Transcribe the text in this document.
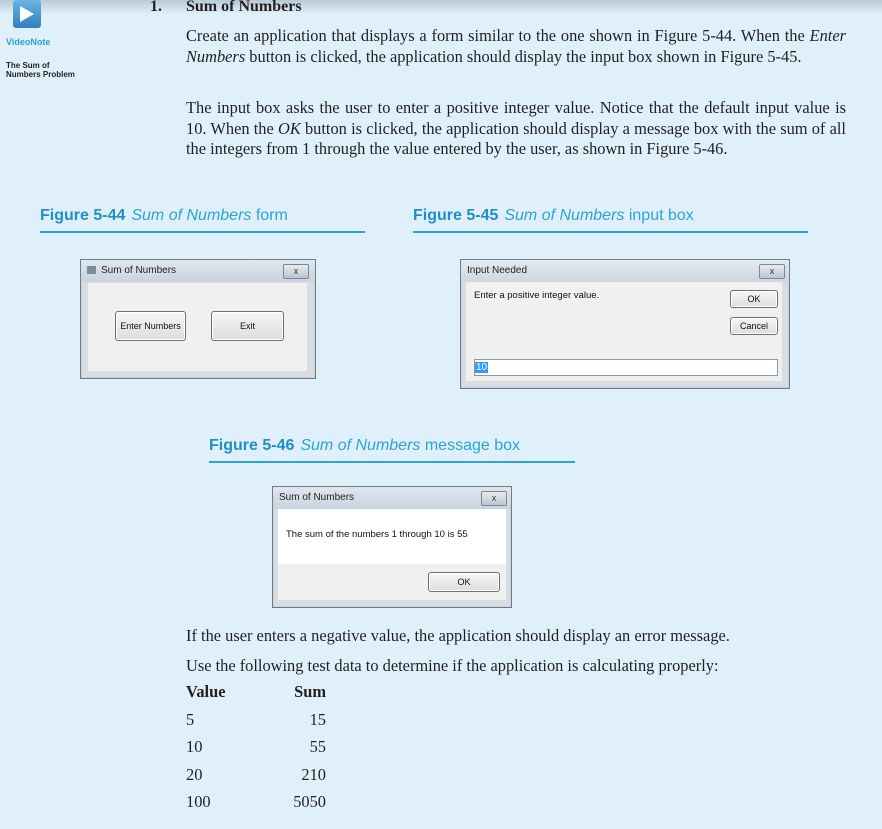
VideoNote
The Sum of Numbers Problem
1. Sum of Numbers
Create an application that displays a form similar to the one shown in Figure 5-44. When the Enter Numbers button is clicked, the application should display the input box shown in Figure 5-45.
The input box asks the user to enter a positive integer value. Notice that the default input value is 10. When the OK button is clicked, the application should display a message box with the sum of all the integers from 1 through the value entered by the user, as shown in Figure 5-46.
Figure 5-44 Sum of Numbers form	Figure 5-45 Sum of Numbers input box
Sum of Numbers	x
Enter Numbers	Exit
Input Needed	x
Enter a positive integer value.	OK
Cancel
10
Figure 5-46 Sum of Numbers message box
Sum of Numbers	x
The sum of the numbers 1 through 10 is 55
OK
If the user enters a negative value, the application should display an error message.
Use the following test data to determine if the application is calculating properly:
Value	Sum
5	15
10	55
20	210
100	5050
